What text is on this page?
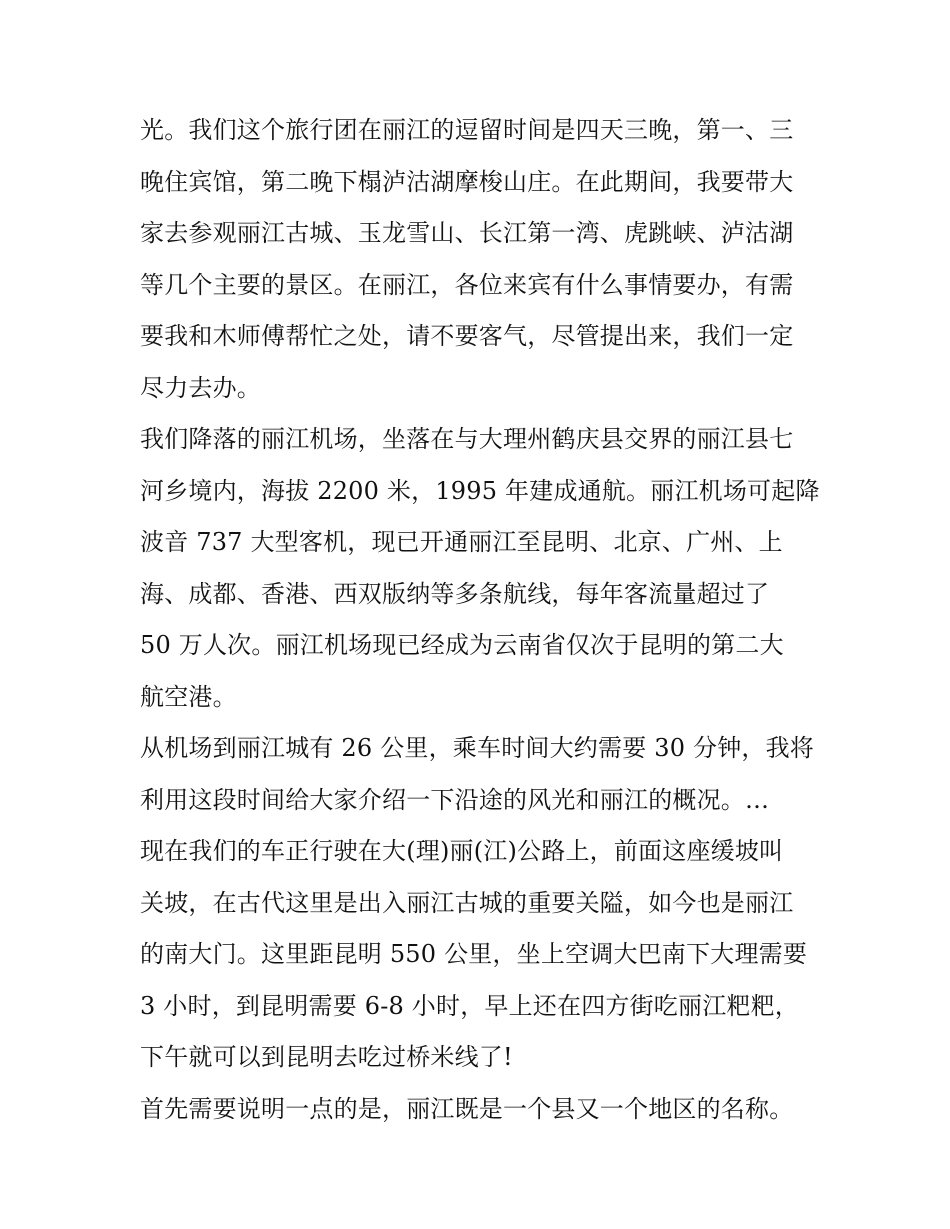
光。我们这个旅行团在丽江的逗留时间是四天三晚，第一、三
晚住宾馆，第二晚下榻泸沽湖摩梭山庄。在此期间，我要带大
家去参观丽江古城、玉龙雪山、长江第一湾、虎跳峡、泸沽湖
等几个主要的景区。在丽江，各位来宾有什么事情要办，有需
要我和木师傅帮忙之处，请不要客气，尽管提出来，我们一定
尽力去办。
我们降落的丽江机场，坐落在与大理州鹤庆县交界的丽江县七
河乡境内，海拔 2200 米，1995 年建成通航。丽江机场可起降
波音 737 大型客机，现已开通丽江至昆明、北京、广州、上
海、成都、香港、西双版纳等多条航线，每年客流量超过了
50 万人次。丽江机场现已经成为云南省仅次于昆明的第二大
航空港。
从机场到丽江城有 26 公里，乘车时间大约需要 30 分钟，我将
利用这段时间给大家介绍一下沿途的风光和丽江的概况。…
现在我们的车正行驶在大(理)丽(江)公路上，前面这座缓坡叫
关坡，在古代这里是出入丽江古城的重要关隘，如今也是丽江
的南大门。这里距昆明 550 公里，坐上空调大巴南下大理需要
3 小时，到昆明需要 6-8 小时，早上还在四方街吃丽江粑粑，
下午就可以到昆明去吃过桥米线了!
首先需要说明一点的是，丽江既是一个县又一个地区的名称。
